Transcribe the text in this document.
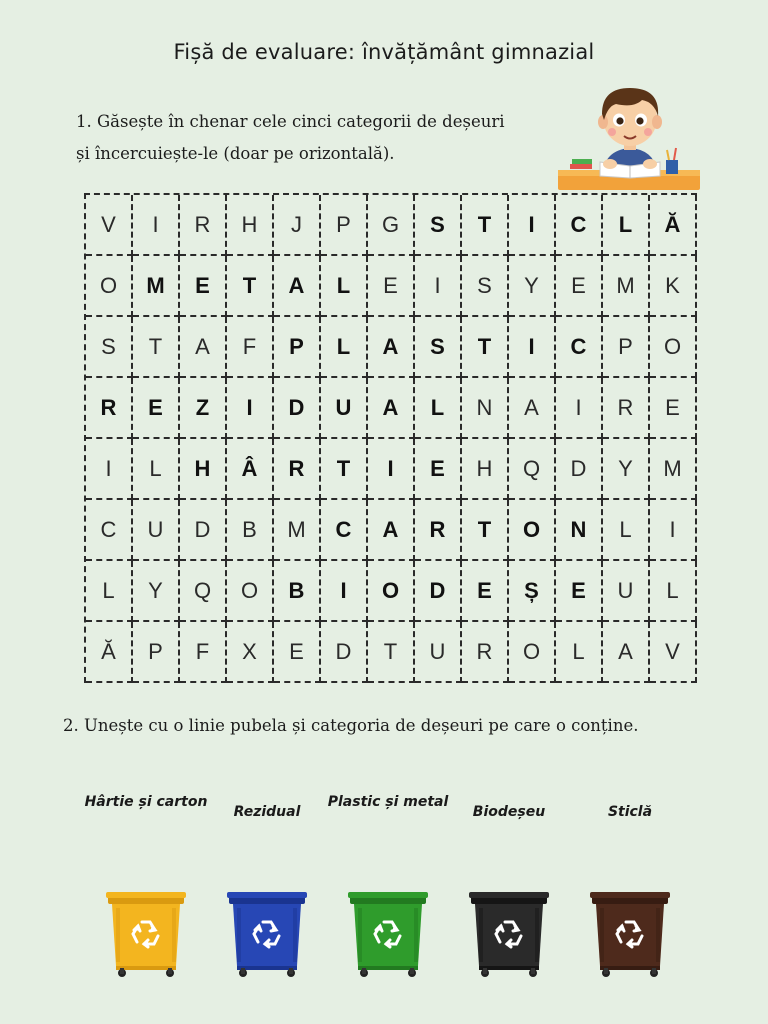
Fișă de evaluare: învățământ gimnazial
1. Găsește în chenar cele cinci categorii de deșeuri
și încercuiește-le (doar pe orizontală).
V	I	R	H	J	P	G	S	T	I	C	L	Ă
O	M	E	T	A	L	E	I	S	Y	E	M	K
S	T	A	F	P	L	A	S	T	I	C	P	O
R	E	Z	I	D	U	A	L	N	A	I	R	E
I	L	H	Â	R	T	I	E	H	Q	D	Y	M
C	U	D	B	M	C	A	R	T	O	N	L	I
L	Y	Q	O	B	I	O	D	E	Ș	E	U	L
Ă	P	F	X	E	D	T	U	R	O	L	A	V
2. Unește cu o linie pubela și categoria de deșeuri pe care o conține.
Hârtie și carton
Rezidual
Plastic și metal
Biodeșeu	Sticlă
